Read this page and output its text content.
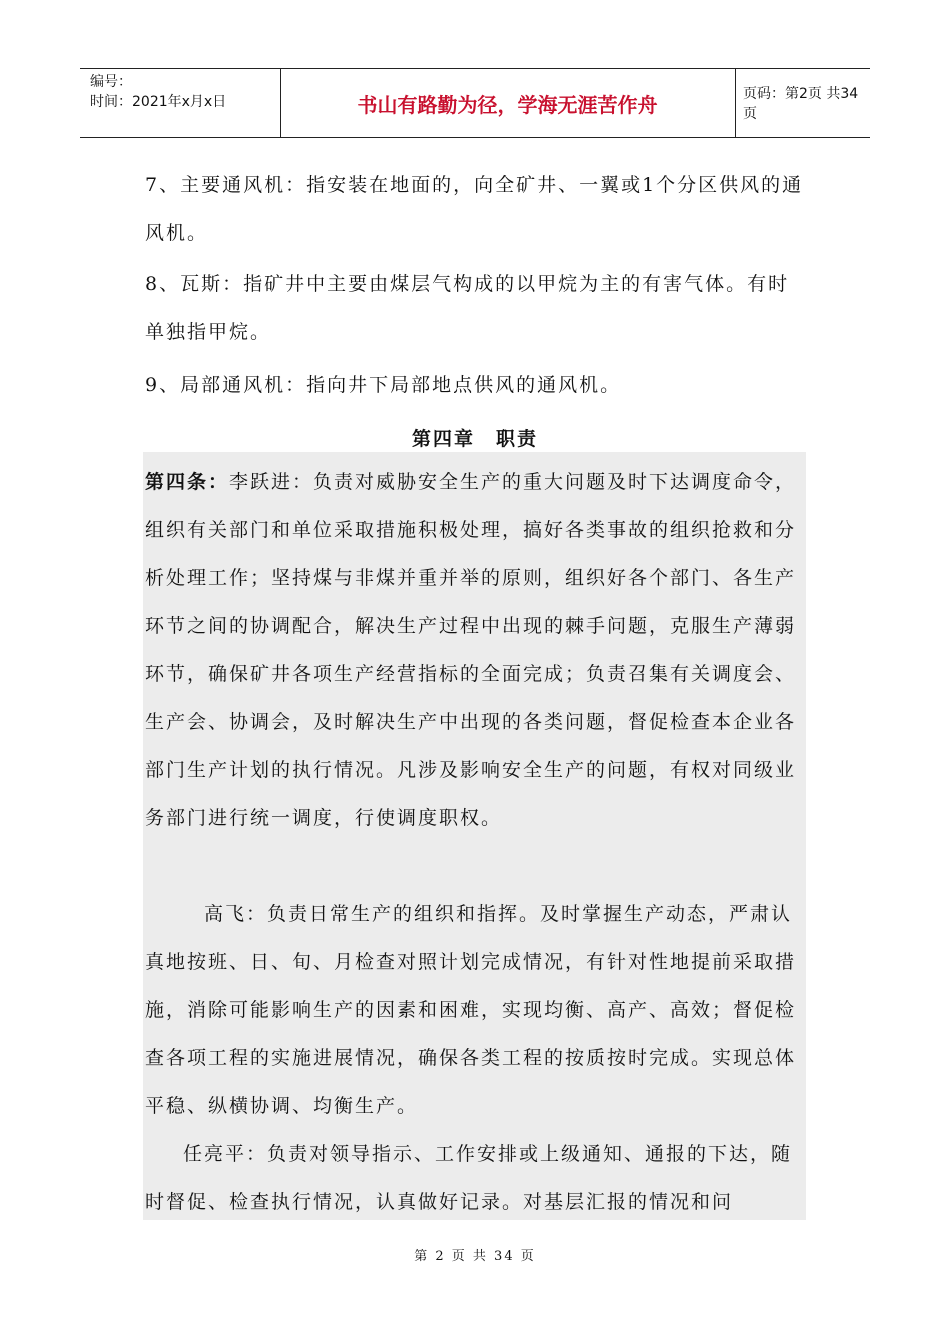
编号：
时间：2021年x月x日	书山有路勤为径，学海无涯苦作舟	页码：第2页 共34页

7、主要通风机：指安装在地面的，向全矿井、一翼或1个分区供风的通风机。

8、瓦斯：指矿井中主要由煤层气构成的以甲烷为主的有害气体。有时单独指甲烷。

9、局部通风机：指向井下局部地点供风的通风机。

第四章　职责

第四条：李跃进：负责对威胁安全生产的重大问题及时下达调度命令，组织有关部门和单位采取措施积极处理，搞好各类事故的组织抢救和分析处理工作；坚持煤与非煤并重并举的原则，组织好各个部门、各生产环节之间的协调配合，解决生产过程中出现的棘手问题，克服生产薄弱环节，确保矿井各项生产经营指标的全面完成；负责召集有关调度会、生产会、协调会，及时解决生产中出现的各类问题，督促检查本企业各部门生产计划的执行情况。凡涉及影响安全生产的问题，有权对同级业务部门进行统一调度，行使调度职权。

　高飞：负责日常生产的组织和指挥。及时掌握生产动态，严肃认真地按班、日、旬、月检查对照计划完成情况，有针对性地提前采取措施，消除可能影响生产的因素和困难，实现均衡、高产、高效；督促检查各项工程的实施进展情况，确保各类工程的按质按时完成。实现总体平稳、纵横协调、均衡生产。

任亮平：负责对领导指示、工作安排或上级通知、通报的下达，随时督促、检查执行情况，认真做好记录。对基层汇报的情况和问

第 2 页 共 34 页
